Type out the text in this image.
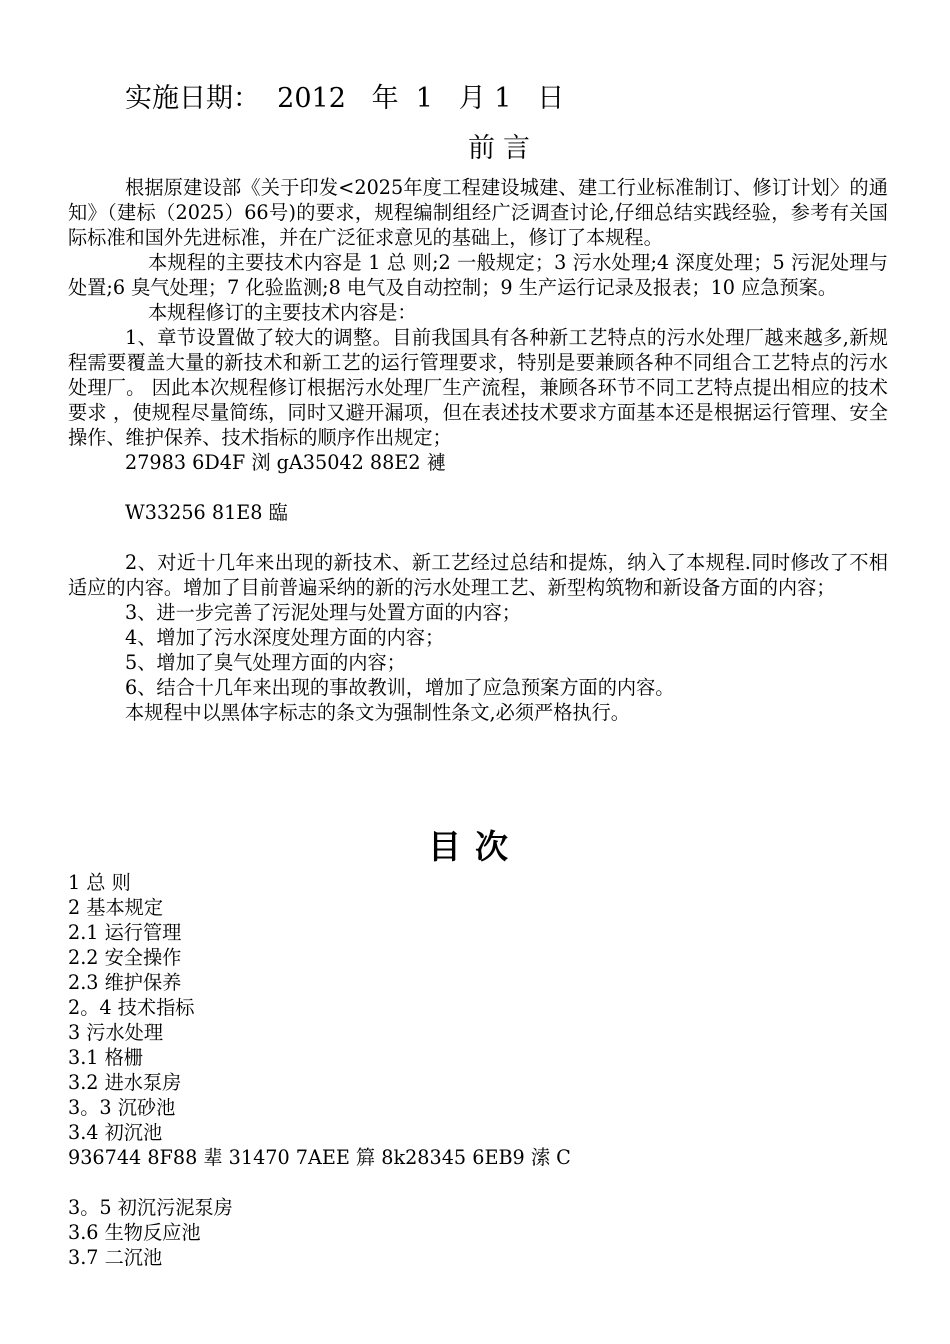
实施日期：  2012   年  1   月 1   日
前言

根据原建设部《关于印发<2025年度工程建设城建、建工行业标准制订、修订计划〉的通知》（建标（2025）66号)的要求，规程编制组经广泛调查讨论,仔细总结实践经验，参考有关国际标准和国外先进标准，并在广泛征求意见的基础上，修订了本规程。

本规程的主要技术内容是 1 总 则;2 一般规定；3 污水处理;4 深度处理；5 污泥处理与处置;6 臭气处理；7 化验监测;8 电气及自动控制；9 生产运行记录及报表；10 应急预案。

本规程修订的主要技术内容是：

1、章节设置做了较大的调整。目前我国具有各种新工艺特点的污水处理厂越来越多,新规程需要覆盖大量的新技术和新工艺的运行管理要求，特别是要兼顾各种不同组合工艺特点的污水处理厂。 因此本次规程修订根据污水处理厂生产流程，兼顾各环节不同工艺特点提出相应的技术要求 ，使规程尽量简练，同时又避开漏项，但在表述技术要求方面基本还是根据运行管理、安全操作、维护保养、技术指标的顺序作出规定；

27983 6D4F 浏 gA35042 88E2 褳

W33256 81E8 臨

2、对近十几年来出现的新技术、新工艺经过总结和提炼，纳入了本规程.同时修改了不相适应的内容。增加了目前普遍采纳的新的污水处理工艺、新型构筑物和新设备方面的内容；

3、进一步完善了污泥处理与处置方面的内容；

4、增加了污水深度处理方面的内容；

5、增加了臭气处理方面的内容；

6、结合十几年来出现的事故教训，增加了应急预案方面的内容。

本规程中以黑体字标志的条文为强制性条文,必须严格执行。

目次

1 总 则

2 基本规定

2.1 运行管理

2.2 安全操作

2.3 维护保养

2。4 技术指标

3 污水处理

3.1 格栅

3.2 进水泵房

3。3 沉砂池

3.4 初沉池

936744 8F88 辈 31470 7AEE 簈 8k28345 6EB9 溹 C

3。5 初沉污泥泵房

3.6 生物反应池

3.7 二沉池
